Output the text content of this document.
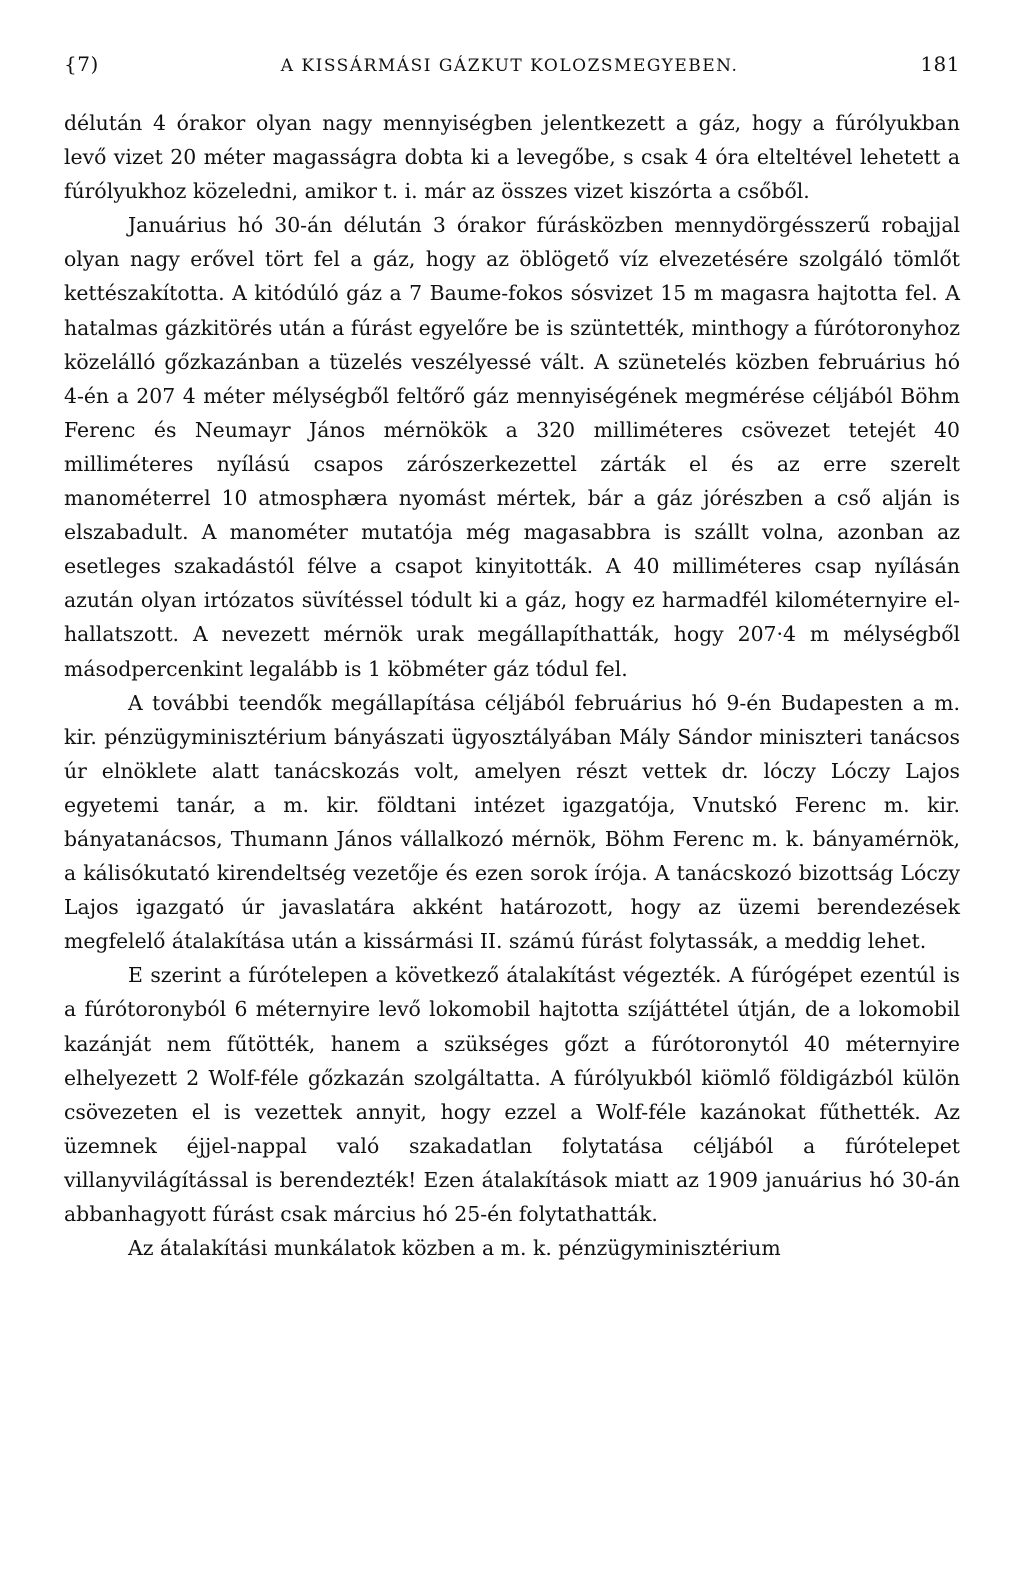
{7)	A KISSÁRMÁSI GÁZKUT KOLOZSMEGYEBEN.	181

délután 4 órakor olyan nagy mennyiségben jelentkezett a gáz, hogy a fúrólyukban levő vizet 20 méter magasságra dobta ki a levegőbe, s csak 4 óra elteltével lehetett a fúrólyukhoz közeledni, amikor t. i. már az összes vizet kiszórta a csőből.

Januárius hó 30-án délután 3 órakor fúrásközben mennydörgésszerű robajjal olyan nagy erővel tört fel a gáz, hogy az öblögető víz elvezetésére szolgáló tömlőt kettészakította. A kitódúló gáz a 7 Baume-fokos sósvizet 15 m magasra hajtotta fel. A hatalmas gázkitörés után a fúrást egyelőre be is szüntették, minthogy a fúrótoronyhoz közelálló gőzkazánban a tüzelés veszélyessé vált. A szünetelés közben februárius hó 4-én a 207 4 méter mélységből feltőrő gáz mennyiségének megmérése céljából Böhm Ferenc és Neumayr János mérnökök a 320 milliméteres csövezet tetejét 40 milliméteres nyílású csapos zárószerkezettel zárták el és az erre szerelt manométerrel 10 atmosphæra nyomást mértek, bár a gáz jórészben a cső alján is elszabadult. A manométer mutatója még magasabbra is szállt volna, azonban az esetleges szakadástól félve a csapot kinyitották. A 40 milliméteres csap nyílásán azután olyan irtózatos süvítéssel tódult ki a gáz, hogy ez harmadfél kilométernyire el-hallatszott. A nevezett mérnök urak megállapíthatták, hogy 207·4 m mélységből másodpercenkint legalább is 1 köbméter gáz tódul fel.

A további teendők megállapítása céljából februárius hó 9-én Budapesten a m. kir. pénzügyminisztérium bányászati ügyosztályában Mály Sándor miniszteri tanácsos úr elnöklete alatt tanácskozás volt, amelyen részt vettek dr. lóczy Lóczy Lajos egyetemi tanár, a m. kir. földtani intézet igazgatója, Vnutskó Ferenc m. kir. bányatanácsos, Thumann János vállalkozó mérnök, Böhm Ferenc m. k. bányamérnök, a kálisókutató kirendeltség vezetője és ezen sorok írója. A tanácskozó bizottság Lóczy Lajos igazgató úr javaslatára akként határozott, hogy az üzemi berendezések megfelelő átalakítása után a kissármási II. számú fúrást folytassák, a meddig lehet.

E szerint a fúrótelepen a következő átalakítást végezték. A fúrógépet ezentúl is a fúrótoronyból 6 méternyire levő lokomobil hajtotta szíjáttétel útján, de a lokomobil kazánját nem fűtötték, hanem a szükséges gőzt a fúrótoronytól 40 méternyire elhelyezett 2 Wolf-féle gőzkazán szolgáltatta. A fúrólyukból kiömlő földigázból külön csövezeten el is vezettek annyit, hogy ezzel a Wolf-féle kazánokat fűthették. Az üzemnek éjjel-nappal való szakadatlan folytatása céljából a fúrótelepet villanyvilágítással is berendezték! Ezen átalakítások miatt az 1909 januárius hó 30-án abbanhagyott fúrást csak március hó 25-én folytathatták.

Az átalakítási munkálatok közben a m. k. pénzügyminisztérium
